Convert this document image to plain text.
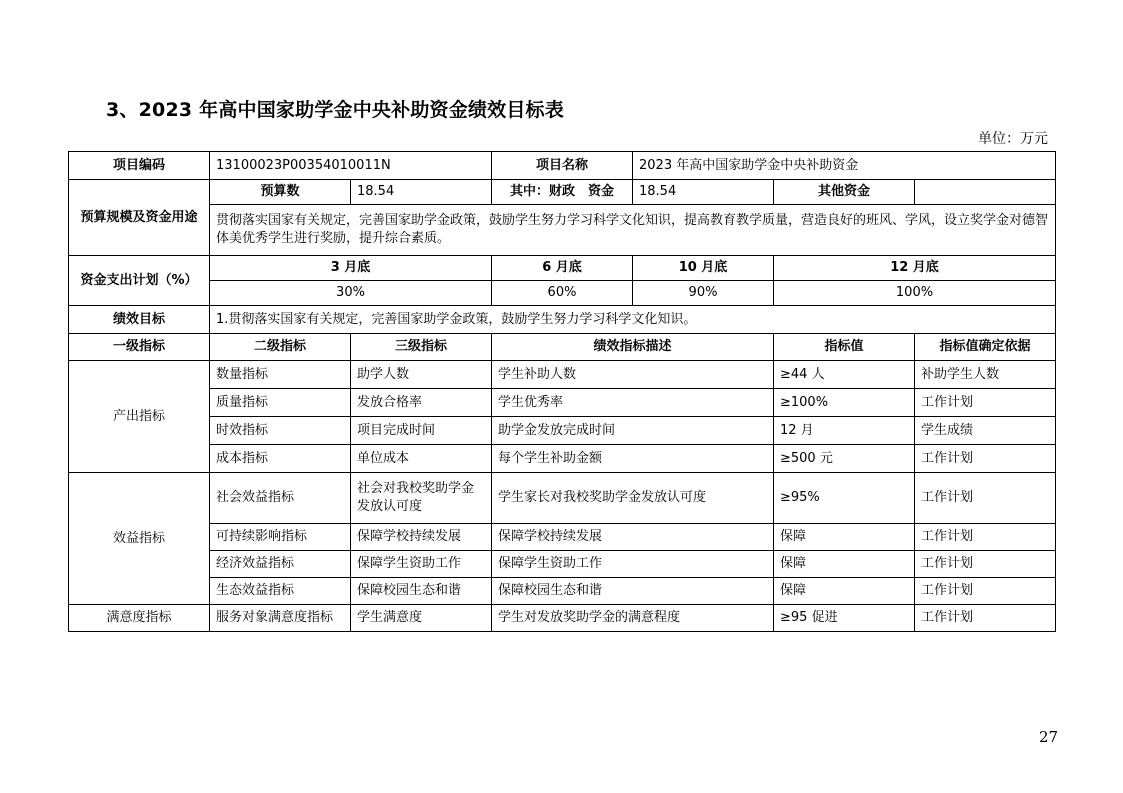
3、2023 年高中国家助学金中央补助资金绩效目标表
单位：万元
项目编码	13100023P00354010011N		项目名称	2023 年高中国家助学金中央补助资金		
预算规模及资金用途	预算数	18.54	其中：财政　资金	18.54	其他资金	
	贯彻落实国家有关规定，完善国家助学金政策，鼓励学生努力学习科学文化知识，提高教育教学质量，营造良好的班风、学风，设立奖学金对德智体美优秀学生进行奖励，提升综合素质。					
资金支出计划（%）	3 月底		6 月底	10 月底	12 月底	
	30%		60%	90%	100%	
绩效目标	1.贯彻落实国家有关规定，完善国家助学金政策，鼓励学生努力学习科学文化知识。					
一级指标	二级指标	三级指标	绩效指标描述		指标值	指标值确定依据
产出指标	数量指标	助学人数	学生补助人数		≥44 人	补助学生人数
	质量指标	发放合格率	学生优秀率		≥100%	工作计划
	时效指标	项目完成时间	助学金发放完成时间		12 月	学生成绩
	成本指标	单位成本	每个学生补助金额		≥500 元	工作计划
效益指标	社会效益指标	社会对我校奖助学金发放认可度	学生家长对我校奖助学金发放认可度		≥95%	工作计划
	可持续影响指标	保障学校持续发展	保障学校持续发展		保障	工作计划
	经济效益指标	保障学生资助工作	保障学生资助工作		保障	工作计划
	生态效益指标	保障校园生态和谐	保障校园生态和谐		保障	工作计划
满意度指标	服务对象满意度指标	学生满意度	学生对发放奖助学金的满意程度		≥95 促进	工作计划
27
